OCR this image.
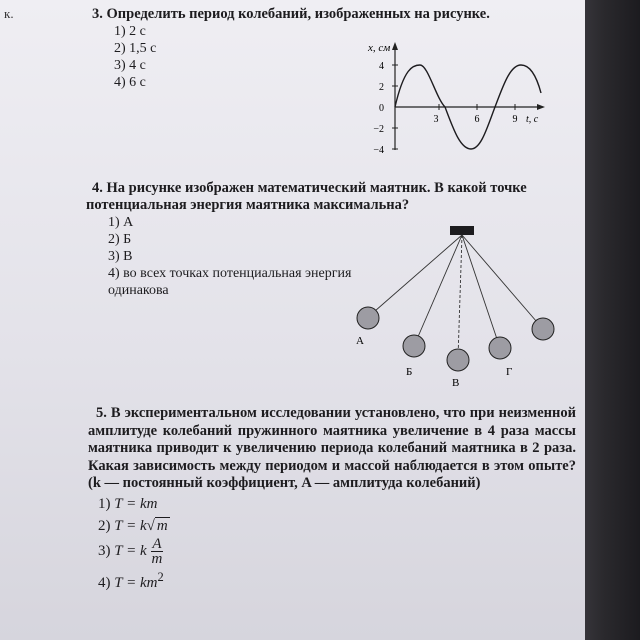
к.	3. Определить период колебаний, изображенных на рисунке.
1) 2 с
2) 1,5 с
3) 4 с
4) 6 с
x, см
4
2
0
−2
−4
3	6	9 t, с
4. На рисунке изображен математический маятник. В какой точке потенциальная энергия маятника максимальна?
1) А
2) Б
3) В
4) во всех точках потенциальная энергия одинакова
А
Б
В
Г
5. В экспериментальном исследовании установлено, что при неизменной амплитуде колебаний пружинного маятника увеличение в 4 раза массы маятника приводит к увеличению периода колебаний маятника в 2 раза. Какая зависимость между периодом и массой наблюдается в этом опыте? (k — постоянный коэффициент, A — амплитуда колебаний)
1) T = km
2) T = k√ m
3) T = k $\frac{A}{m}$
4) $T = km^2$
